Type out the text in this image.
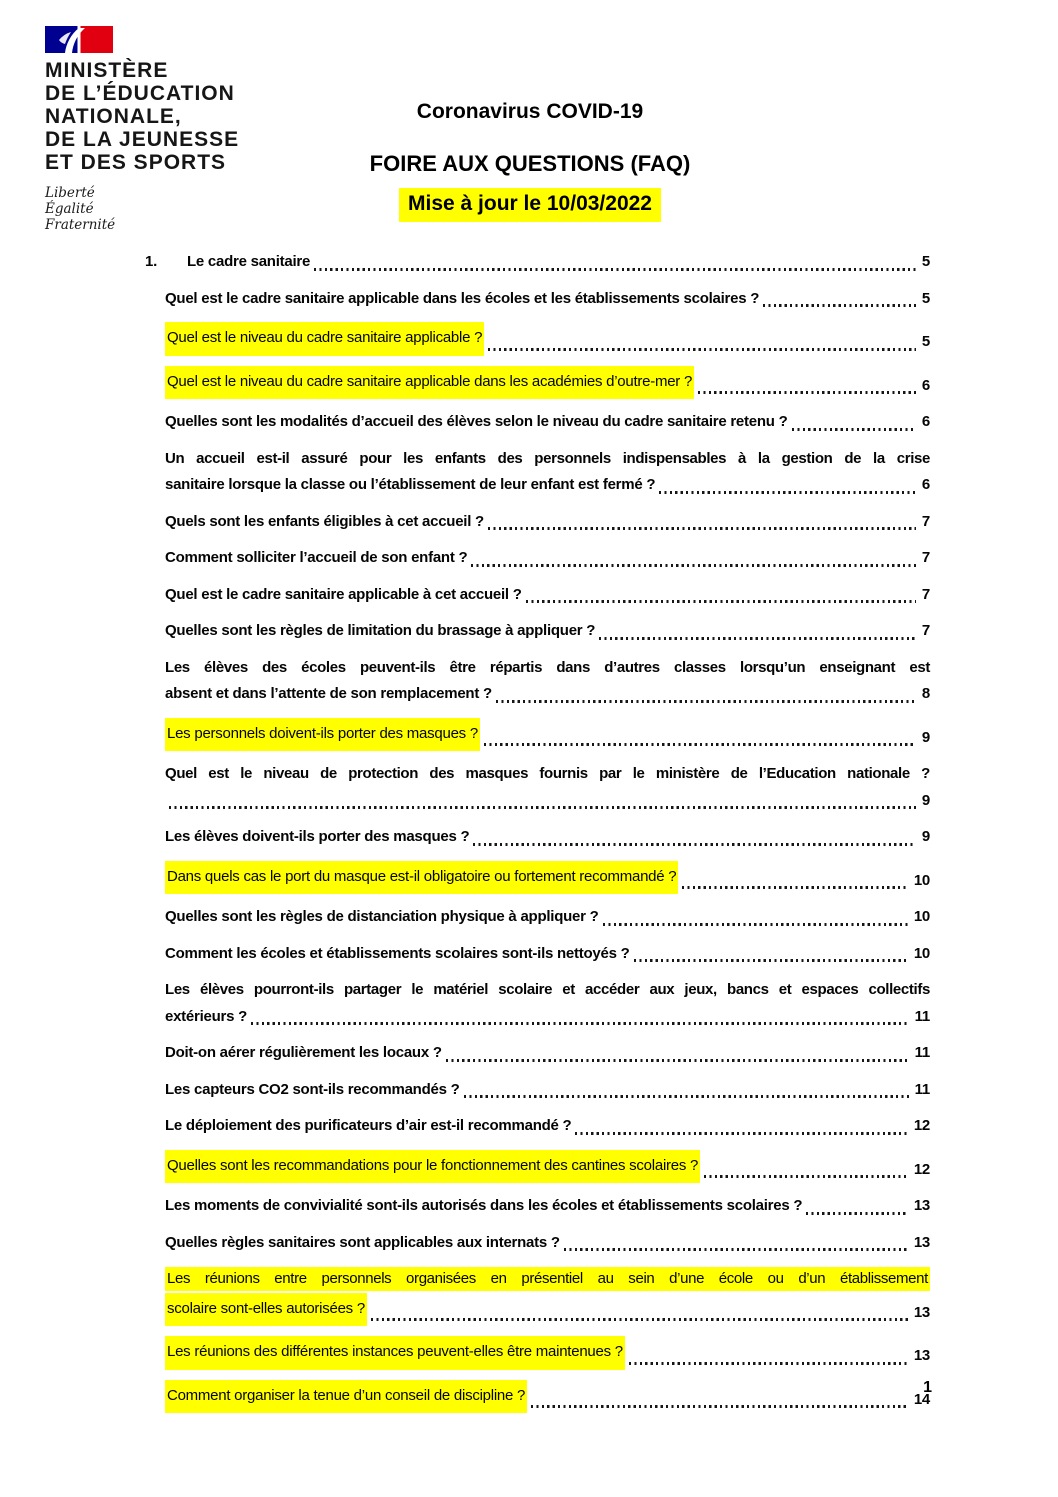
MINISTÈRE
DE L’ÉDUCATION
NATIONALE,
DE LA JEUNESSE
ET DES SPORTS
Liberté
Égalité
Fraternité
Coronavirus COVID-19
FOIRE AUX QUESTIONS (FAQ)
Mise à jour le 10/03/2022
1.	Le cadre sanitaire	5
Quel est le cadre sanitaire applicable dans les écoles et les établissements scolaires ?	5
Quel est le niveau du cadre sanitaire applicable ?	5
Quel est le niveau du cadre sanitaire applicable dans les académies d’outre-mer ?	6
Quelles sont les modalités d’accueil des élèves selon le niveau du cadre sanitaire retenu ?	6
Un accueil est-il assuré pour les enfants des personnels indispensables à la gestion de la crise
sanitaire lorsque la classe ou l’établissement de leur enfant est fermé ?	6
Quels sont les enfants éligibles à cet accueil ?	7
Comment solliciter l’accueil de son enfant ?	7
Quel est le cadre sanitaire applicable à cet accueil ?	7
Quelles sont les règles de limitation du brassage à appliquer ?	7
Les élèves des écoles peuvent-ils être répartis dans d’autres classes lorsqu’un enseignant est
absent et dans l’attente de son remplacement ?	8
Les personnels doivent-ils porter des masques ?	9
Quel est le niveau de protection des masques fournis par le ministère de l’Education nationale ?
9
Les élèves doivent-ils porter des masques ?	9
Dans quels cas le port du masque est-il obligatoire ou fortement recommandé ?	10
Quelles sont les règles de distanciation physique à appliquer ?	10
Comment les écoles et établissements scolaires sont-ils nettoyés ?	10
Les élèves pourront-ils partager le matériel scolaire et accéder aux jeux, bancs et espaces collectifs
extérieurs ?	11
Doit-on aérer régulièrement les locaux ?	11
Les capteurs CO2 sont-ils recommandés ?	11
Le déploiement des purificateurs d’air est-il recommandé ?	12
Quelles sont les recommandations pour le fonctionnement des cantines scolaires ?	12
Les moments de convivialité sont-ils autorisés dans les écoles et établissements scolaires ?	13
Quelles règles sanitaires sont applicables aux internats ?	13
Les réunions entre personnels organisées en présentiel au sein d’une école ou d’un établissement
scolaire sont-elles autorisées ?	13
Les réunions des différentes instances peuvent-elles être maintenues ?	13
Comment organiser la tenue d’un conseil de discipline ?	14
1
